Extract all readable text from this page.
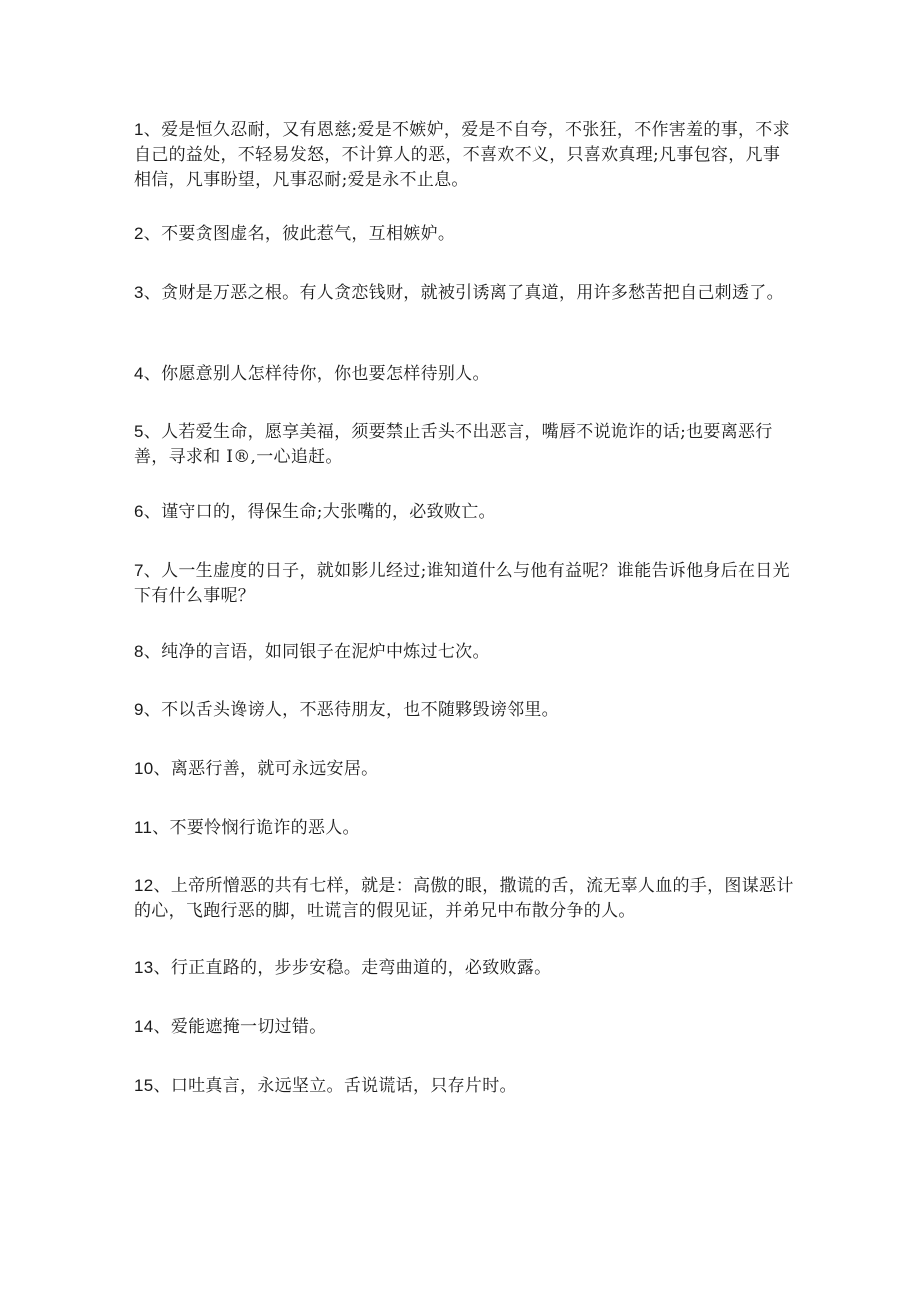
1、爱是恒久忍耐，又有恩慈;爱是不嫉妒，爱是不自夸，不张狂，不作害羞的事，不求自己的益处，不轻易发怒，不计算人的恶，不喜欢不义，只喜欢真理;凡事包容，凡事相信，凡事盼望，凡事忍耐;爱是永不止息。

2、不要贪图虚名，彼此惹气，互相嫉妒。

3、贪财是万恶之根。有人贪恋钱财，就被引诱离了真道，用许多愁苦把自己刺透了。

4、你愿意别人怎样待你，你也要怎样待别人。

5、人若爱生命，愿享美福，须要禁止舌头不出恶言，嘴唇不说诡诈的话;也要离恶行善，寻求和 I®,一心追赶。

6、谨守口的，得保生命;大张嘴的，必致败亡。

7、人一生虚度的日子，就如影儿经过;谁知道什么与他有益呢？谁能告诉他身后在日光下有什么事呢？

8、纯净的言语，如同银子在泥炉中炼过七次。

9、不以舌头谗谤人，不恶待朋友，也不随夥毁谤邻里。

10、离恶行善，就可永远安居。

11、不要怜悯行诡诈的恶人。

12、上帝所憎恶的共有七样，就是：高傲的眼，撒谎的舌，流无辜人血的手，图谋恶计的心，飞跑行恶的脚，吐谎言的假见证，并弟兄中布散分争的人。

13、行正直路的，步步安稳。走弯曲道的，必致败露。

14、爱能遮掩一切过错。

15、口吐真言，永远坚立。舌说谎话，只存片时。
